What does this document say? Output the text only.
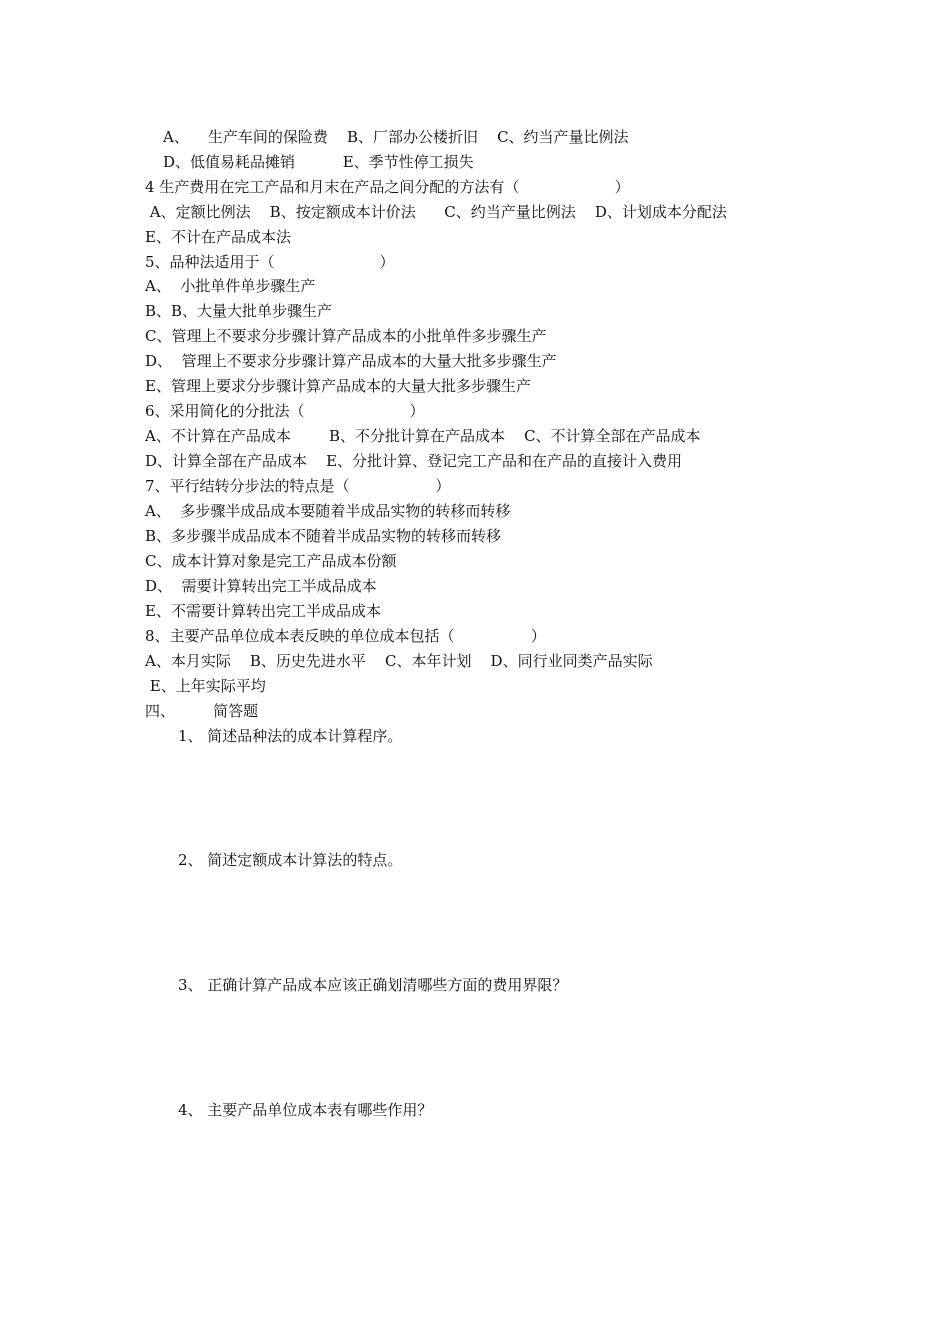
A、    生产车间的保险费    B、厂部办公楼折旧    C、约当产量比例法
D、低值易耗品摊销          E、季节性停工损失
4 生产费用在完工产品和月末在产品之间分配的方法有（                    ）
A、定额比例法    B、按定额成本计价法      C、约当产量比例法    D、计划成本分配法
E、不计在产品成本法
5、品种法适用于（                      ）
A、  小批单件单步骤生产
B、B、大量大批单步骤生产
C、管理上不要求分步骤计算产品成本的小批单件多步骤生产
D、  管理上不要求分步骤计算产品成本的大量大批多步骤生产
E、管理上要求分步骤计算产品成本的大量大批多步骤生产
6、采用简化的分批法（                      ）
A、不计算在产品成本        B、不分批计算在产品成本    C、不计算全部在产品成本
D、计算全部在产品成本    E、分批计算、登记完工产品和在产品的直接计入费用
7、平行结转分步法的特点是（                  ）
A、  多步骤半成品成本要随着半成品实物的转移而转移
B、多步骤半成品成本不随着半成品实物的转移而转移
C、成本计算对象是完工产品成本份额
D、  需要计算转出完工半成品成本
E、不需要计算转出完工半成品成本
8、主要产品单位成本表反映的单位成本包括（                ）
A、本月实际    B、历史先进水平    C、本年计划    D、同行业同类产品实际
E、上年实际平均
四、        简答题
1、 简述品种法的成本计算程序。
2、 简述定额成本计算法的特点。
3、 正确计算产品成本应该正确划清哪些方面的费用界限？
4、 主要产品单位成本表有哪些作用？
